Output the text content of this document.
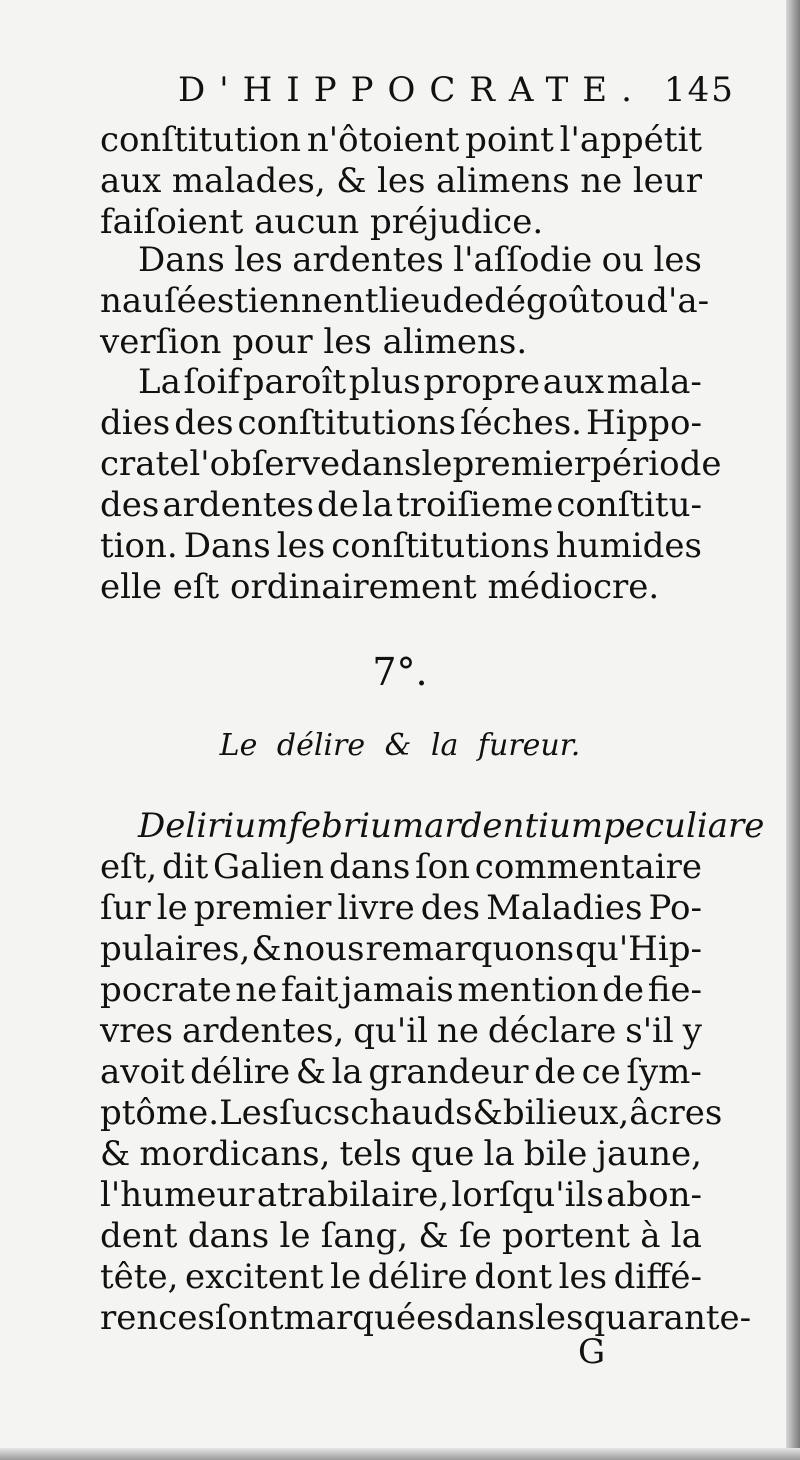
D'HIPPOCRATE. 145
conſtitution n'ôtoient point l'appétit
aux malades, & les alimens ne leur
faiſoient aucun préjudice.
Dans les ardentes l'aſſodie ou les
nauſées tiennent lieu de dégoût ou d'a-
verſion pour les alimens.
La ſoif paroît plus propre aux mala-
dies des conſtitutions ſéches. Hippo-
crate l'obſerve dans le premier période
des ardentes de la troiſieme conſtitu-
tion. Dans les conſtitutions humides
elle eſt ordinairement médiocre.
7°.
Le délire & la fureur.
Delirium febrium ardentium peculiare
eſt, dit Galien dans ſon commentaire
ſur le premier livre des Maladies Po-
pulaires, & nous remarquons qu'Hip-
pocrate ne fait jamais mention de fie-
vres ardentes, qu'il ne déclare s'il y
avoit délire & la grandeur de ce ſym-
ptôme. Les ſucs chauds & bilieux, âcres
& mordicans, tels que la bile jaune,
l'humeur atrabilaire, lorſqu'ils abon-
dent dans le ſang, & ſe portent à la
tête, excitent le délire dont les diffé-
rences ſont marquées dans les quarante-
G
